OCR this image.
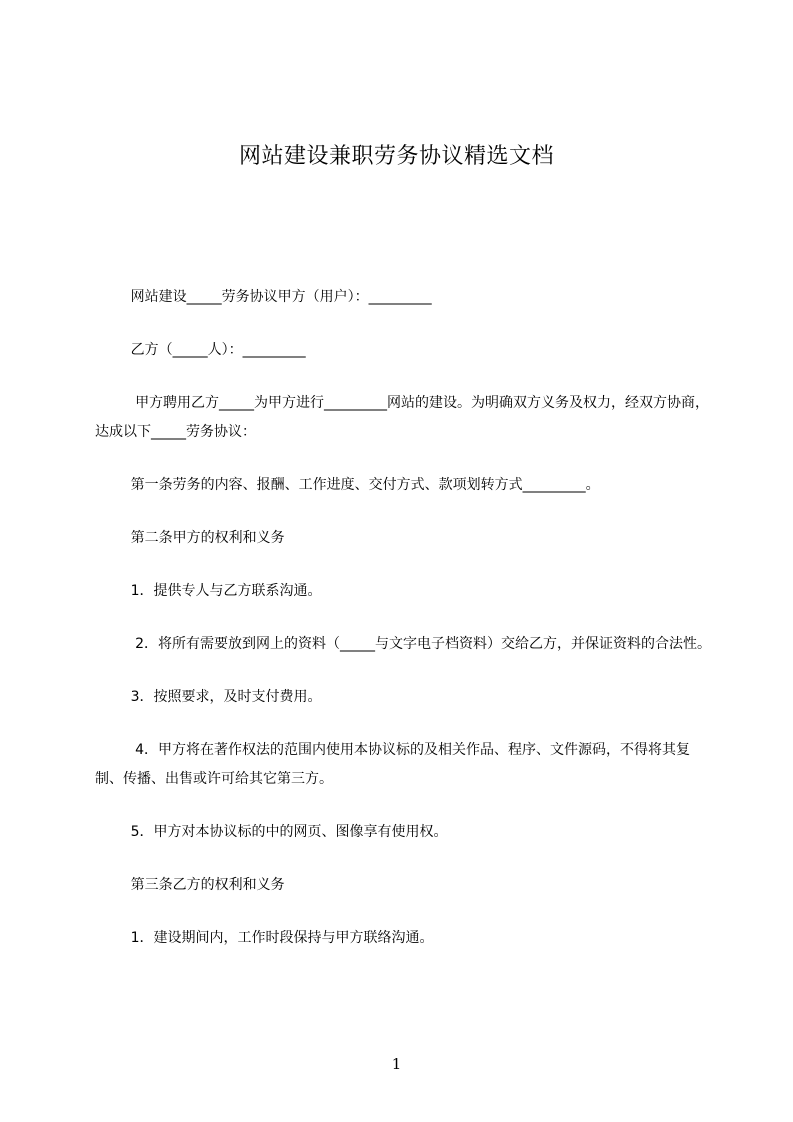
网站建设兼职劳务协议精选文档

网站建设_____劳务协议甲方（用户）：_________

乙方（_____人）：_________

甲方聘用乙方_____为甲方进行_________网站的建设。为明确双方义务及权力，经双方协商，达成以下_____劳务协议：

第一条劳务的内容、报酬、工作进度、交付方式、款项划转方式_________。

第二条甲方的权利和义务

1．提供专人与乙方联系沟通。

2．将所有需要放到网上的资料（_____与文字电子档资料）交给乙方，并保证资料的合法性。

3．按照要求，及时支付费用。

4．甲方将在著作权法的范围内使用本协议标的及相关作品、程序、文件源码，不得将其复制、传播、出售或许可给其它第三方。

5．甲方对本协议标的中的网页、图像享有使用权。

第三条乙方的权利和义务

1．建设期间内，工作时段保持与甲方联络沟通。

1
